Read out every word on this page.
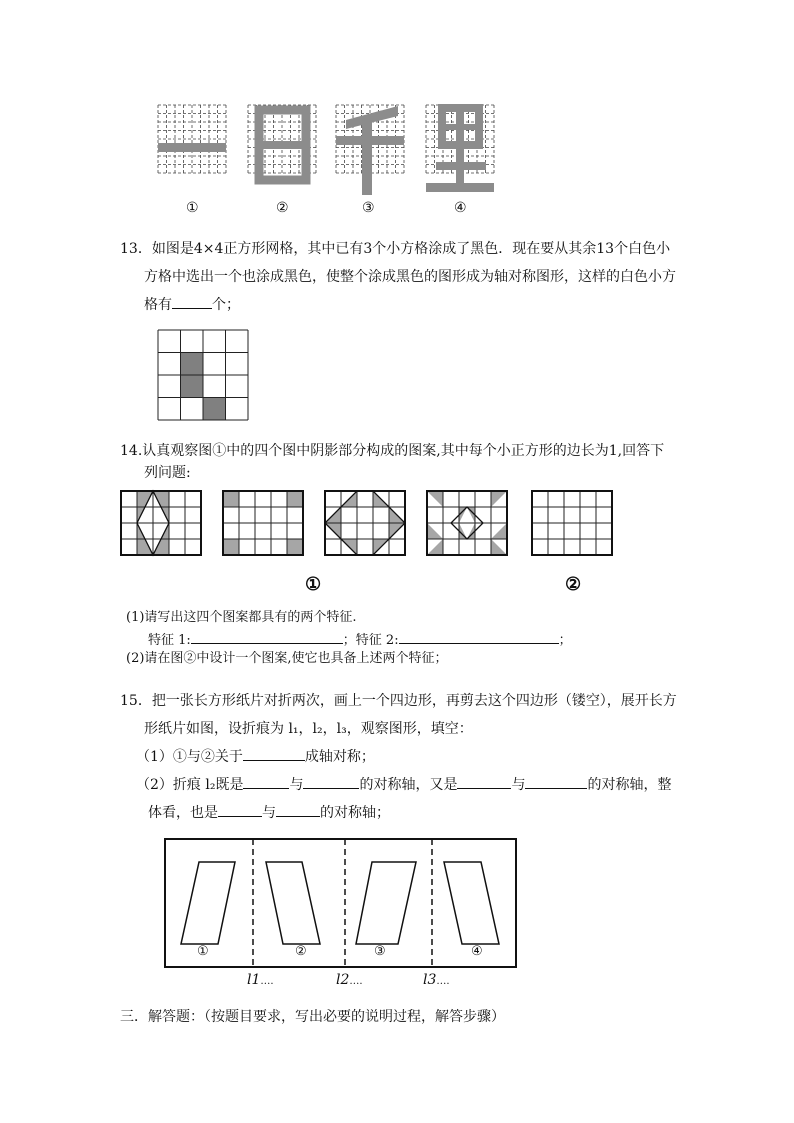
①	②	③	④
13．如图是4×4正方形网格，其中已有3个小方格涂成了黑色．现在要从其余13个白色小
方格中选出一个也涂成黑色，使整个涂成黑色的图形成为轴对称图形，这样的白色小方
格有	个；
14.认真观察图①中的四个图中阴影部分构成的图案,其中每个小正方形的边长为1,回答下
列问题:
①	②
(1)请写出这四个图案都具有的两个特征.
特征 1:	；特征 2:	；
(2)请在图②中设计一个图案,使它也具备上述两个特征；
15．把一张长方形纸片对折两次，画上一个四边形，再剪去这个四边形（镂空），展开长方
形纸片如图，设折痕为 l₁，l₂，l₃，观察图形，填空：
（1）①与②关于	成轴对称；
（2）折痕 l₂既是	与	的对称轴，又是	与	的对称轴，整
体看，也是	与	的对称轴；
①	②	③	④
l1….	l2….	l3….
三．解答题：（按题目要求，写出必要的说明过程，解答步骤）
